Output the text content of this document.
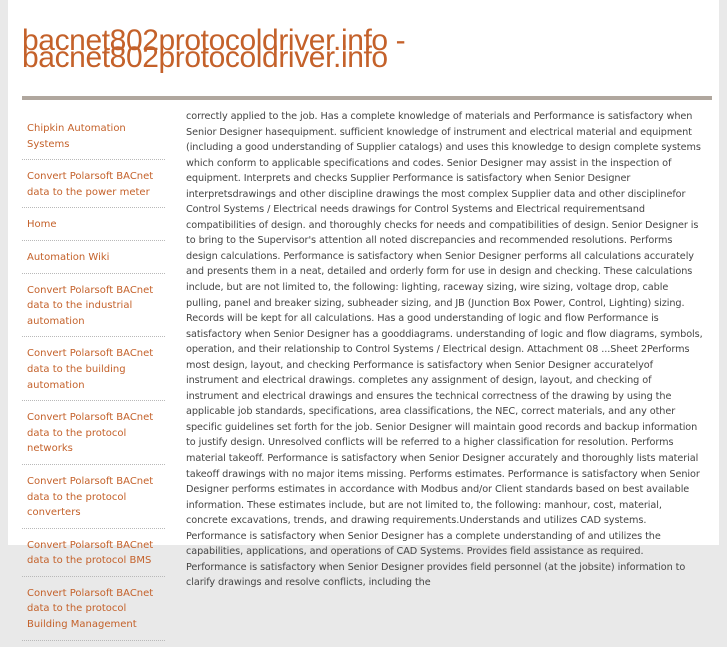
bacnet802protocoldriver.info - bacnet802protocoldriver.info
Chipkin Automation Systems
Convert Polarsoft BACnet data to the power meter
Home
Automation Wiki
Convert Polarsoft BACnet data to the industrial automation
Convert Polarsoft BACnet data to the building automation
Convert Polarsoft BACnet data to the protocol networks
Convert Polarsoft BACnet data to the protocol converters
Convert Polarsoft BACnet data to the protocol BMS
Convert Polarsoft BACnet data to the protocol Building Management

correctly applied to the job. Has a complete knowledge of materials and Performance is satisfactory when Senior Designer hasequipment. sufficient knowledge of instrument and electrical material and equipment (including a good understanding of Supplier catalogs) and uses this knowledge to design complete systems which conform to applicable specifications and codes. Senior Designer may assist in the inspection of equipment. Interprets and checks Supplier Performance is satisfactory when Senior Designer interpretsdrawings and other discipline drawings the most complex Supplier data and other disciplinefor Control Systems / Electrical needs drawings for Control Systems and Electrical requirementsand compatibilities of design. and thoroughly checks for needs and compatibilities of design. Senior Designer is to bring to the Supervisor's attention all noted discrepancies and recommended resolutions. Performs design calculations. Performance is satisfactory when Senior Designer performs all calculations accurately and presents them in a neat, detailed and orderly form for use in design and checking. These calculations include, but are not limited to, the following: lighting, raceway sizing, wire sizing, voltage drop, cable pulling, panel and breaker sizing, subheader sizing, and JB (Junction Box Power, Control, Lighting) sizing. Records will be kept for all calculations. Has a good understanding of logic and flow Performance is satisfactory when Senior Designer has a gooddiagrams. understanding of logic and flow diagrams, symbols, operation, and their relationship to Control Systems / Electrical design. Attachment 08 ...Sheet 2Performs most design, layout, and checking Performance is satisfactory when Senior Designer accuratelyof instrument and electrical drawings. completes any assignment of design, layout, and checking of instrument and electrical drawings and ensures the technical correctness of the drawing by using the applicable job standards, specifications, area classifications, the NEC, correct materials, and any other specific guidelines set forth for the job. Senior Designer will maintain good records and backup information to justify design. Unresolved conflicts will be referred to a higher classification for resolution. Performs material takeoff. Performance is satisfactory when Senior Designer accurately and thoroughly lists material takeoff drawings with no major items missing. Performs estimates. Performance is satisfactory when Senior Designer performs estimates in accordance with Modbus and/or Client standards based on best available information. These estimates include, but are not limited to, the following: manhour, cost, material, concrete excavations, trends, and drawing requirements.Understands and utilizes CAD systems. Performance is satisfactory when Senior Designer has a complete understanding of and utilizes the capabilities, applications, and operations of CAD Systems. Provides field assistance as required. Performance is satisfactory when Senior Designer provides field personnel (at the jobsite) information to clarify drawings and resolve conflicts, including the
